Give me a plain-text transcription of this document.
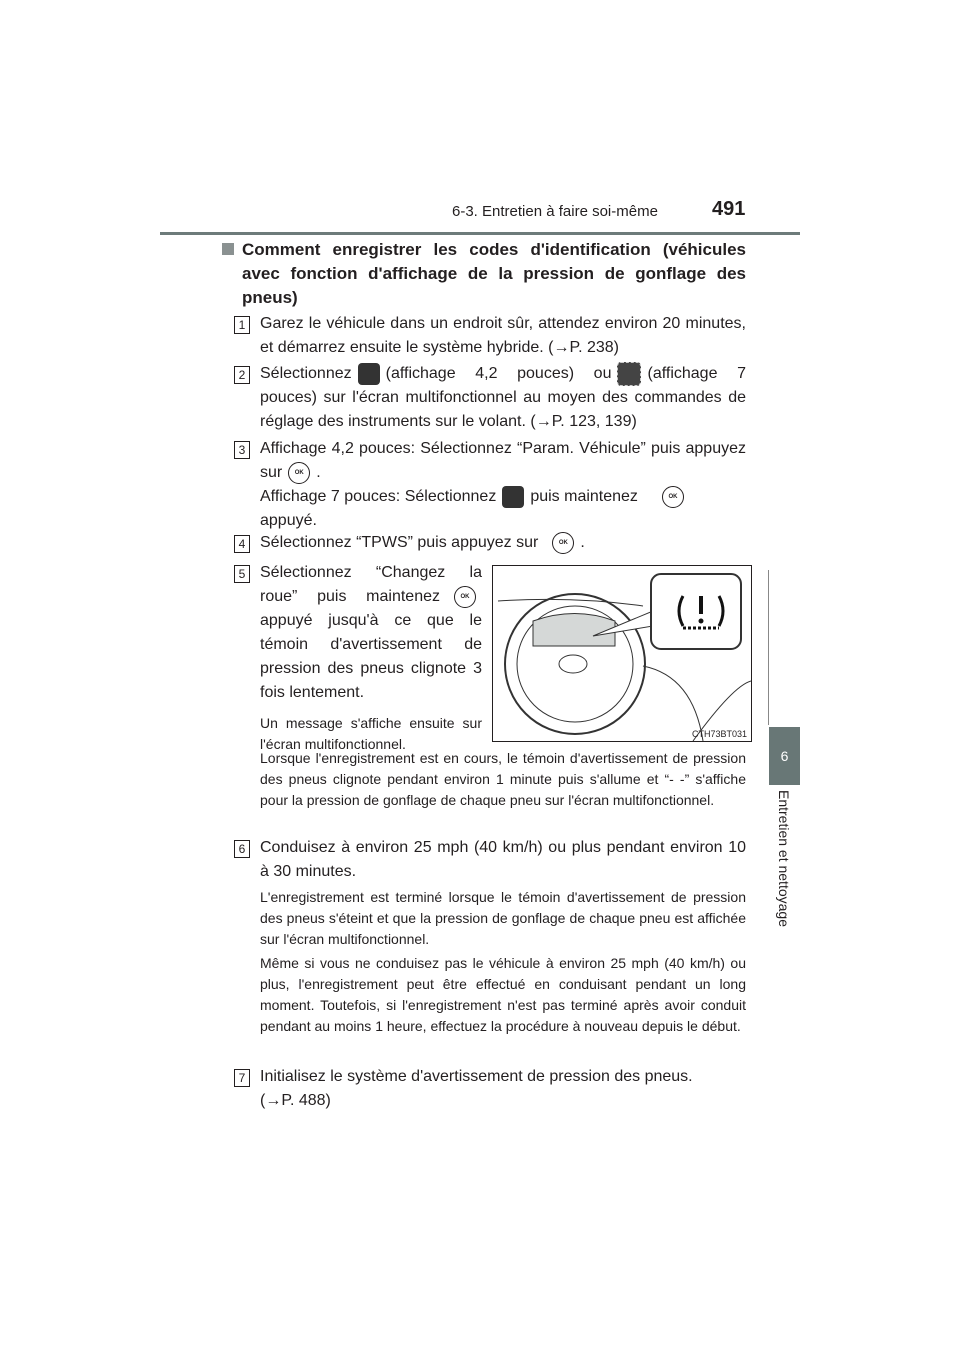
6-3. Entretien à faire soi-même	491
Comment enregistrer les codes d'identification (véhicules
avec fonction d'affichage de la pression de gonflage des
pneus)
1 Garez le véhicule dans un endroit sûr, attendez environ 20 minutes, et démarrez ensuite le système hybride. (→P. 238)
2 Sélectionnez (affichage 4,2 pouces) ou (affichage 7 pouces) sur l'écran multifonctionnel au moyen des commandes de réglage des instruments sur le volant. (→P. 123, 139)
3 Affichage 4,2 pouces: Sélectionnez “Param. Véhicule” puis appuyez sur OK .
Affichage 7 pouces: Sélectionnez puis maintenez	OK
appuyé.
4 Sélectionnez “TPWS” puis appuyez sur	OK .
5 Sélectionnez “Changez la roue” puis maintenez	OK appuyé jusqu'à ce que le témoin d'avertissement de pression des pneus clignote 3 fois lentement.
Un message s'affiche ensuite sur l'écran multifonctionnel.
Lorsque l'enregistrement est en cours, le témoin d'avertissement de pression des pneus clignote pendant environ 1 minute puis s'allume et “- -” s'affiche pour la pression de gonflage de chaque pneu sur l'écran multifonctionnel.
CTH73BT031
6 Conduisez à environ 25 mph (40 km/h) ou plus pendant environ 10 à 30 minutes.
L'enregistrement est terminé lorsque le témoin d'avertissement de pression des pneus s'éteint et que la pression de gonflage de chaque pneu est affichée sur l'écran multifonctionnel.
Même si vous ne conduisez pas le véhicule à environ 25 mph (40 km/h) ou plus, l'enregistrement peut être effectué en conduisant pendant un long moment. Toutefois, si l'enregistrement n'est pas terminé après avoir conduit pendant au moins 1 heure, effectuez la procédure à nouveau depuis le début.
7 Initialisez le système d'avertissement de pression des pneus. (→P. 488)
6
Entretien et nettoyage
